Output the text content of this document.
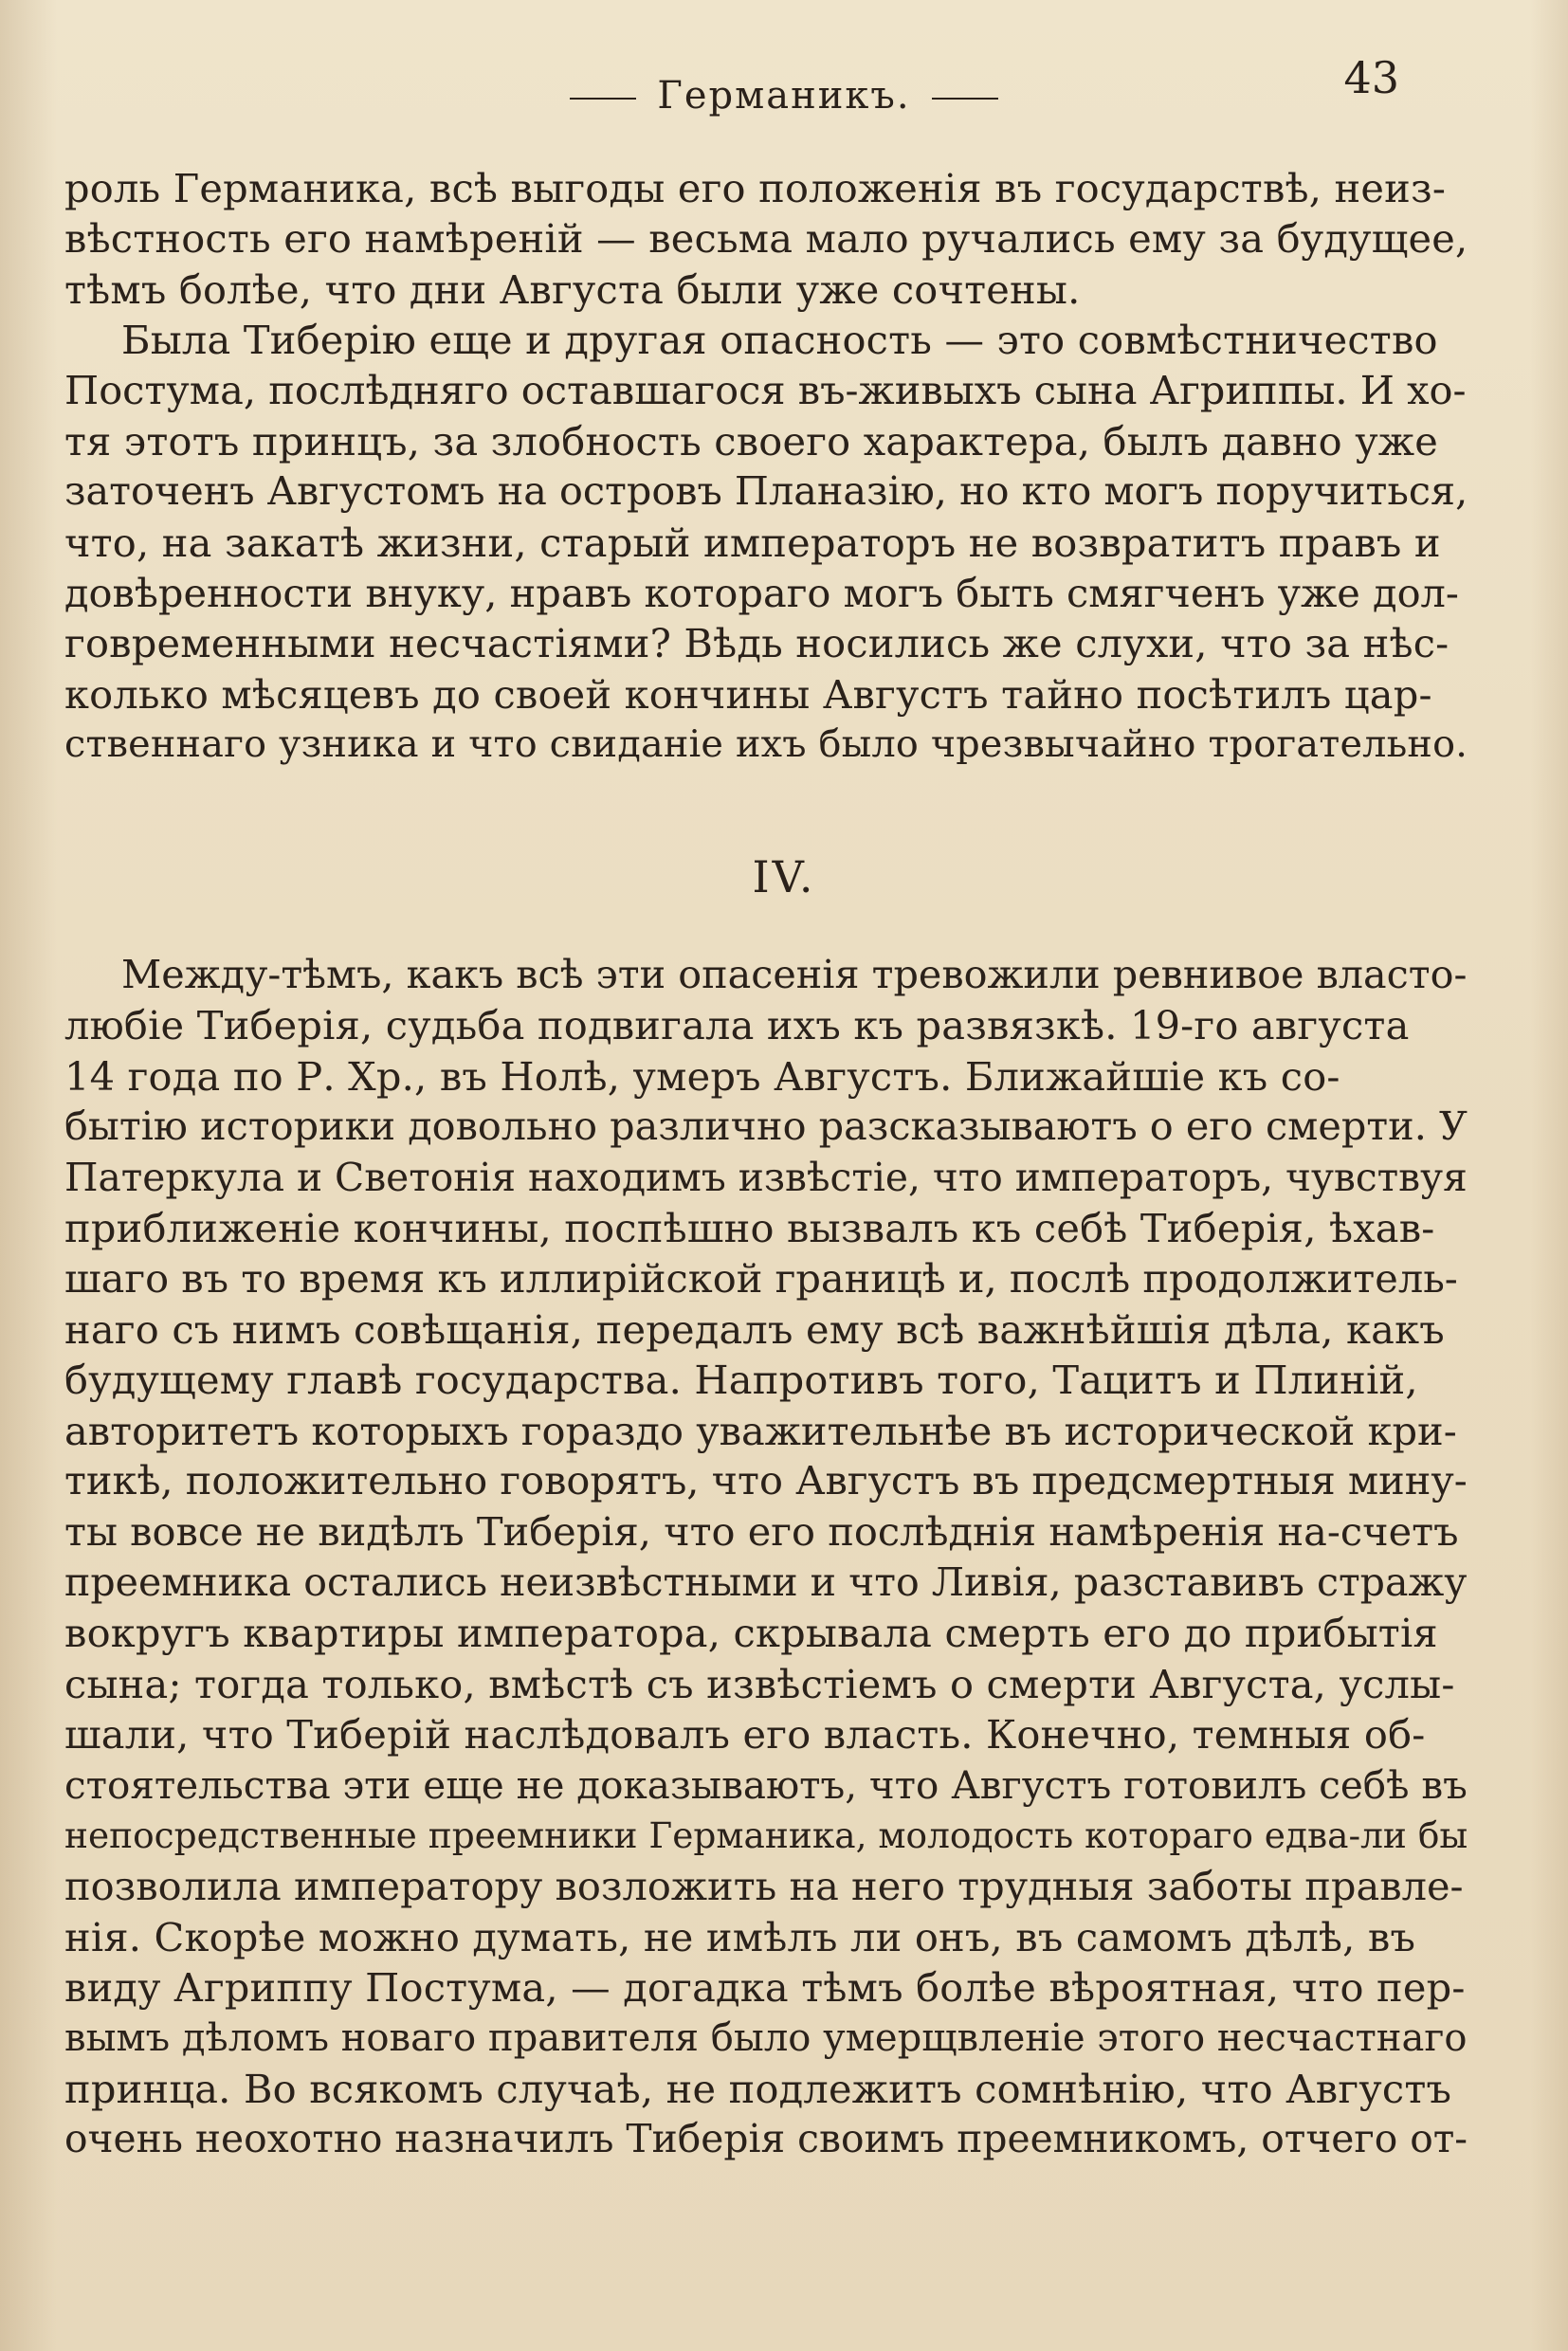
Германикъ.	43
роль Германика, всѣ выгоды его положенія въ государствѣ, неиз-
вѣстность его намѣреній — весьма мало ручались ему за будущее,
тѣмъ болѣе, что дни Августа были уже сочтены.
Была Тиберію еще и другая опасность — это совмѣстничество
Постума, послѣдняго оставшагося въ-живыхъ сына Агриппы. И хо-
тя этотъ принцъ, за злобность своего характера, былъ давно уже
заточенъ Августомъ на островъ Планазію, но кто могъ поручиться,
что, на закатѣ жизни, старый императоръ не возвратитъ правъ и
довѣренности внуку, нравъ котораго могъ быть смягченъ уже дол-
говременными несчастіями? Вѣдь носились же слухи, что за нѣс-
колько мѣсяцевъ до своей кончины Августъ тайно посѣтилъ цар-
ственнаго узника и что свиданіе ихъ было чрезвычайно трогательно.
IV.
Между-тѣмъ, какъ всѣ эти опасенія тревожили ревнивое власто-
любіе Тиберія, судьба подвигала ихъ къ развязкѣ. 19-го августа
14 года по Р. Хр., въ Нолѣ, умеръ Августъ. Ближайшіе къ со-
бытію историки довольно различно разсказываютъ о его смерти. У
Патеркула и Светонія находимъ извѣстіе, что императоръ, чувствуя
приближеніе кончины, поспѣшно вызвалъ къ себѣ Тиберія, ѣхав-
шаго въ то время къ иллирійской границѣ и, послѣ продолжитель-
наго съ нимъ совѣщанія, передалъ ему всѣ важнѣйшія дѣла, какъ
будущему главѣ государства. Напротивъ того, Тацитъ и Плиній,
авторитетъ которыхъ гораздо уважительнѣе въ исторической кри-
тикѣ, положительно говорятъ, что Августъ въ предсмертныя мину-
ты вовсе не видѣлъ Тиберія, что его послѣднія намѣренія на-счетъ
преемника остались неизвѣстными и что Ливія, разставивъ стражу
вокругъ квартиры императора, скрывала смерть его до прибытія
сына; тогда только, вмѣстѣ съ извѣстіемъ о смерти Августа, услы-
шали, что Тиберій наслѣдовалъ его власть. Конечно, темныя об-
стоятельства эти еще не доказываютъ, что Августъ готовилъ себѣ въ
непосредственные преемники Германика, молодость котораго едва-ли бы
позволила императору возложить на него трудныя заботы правле-
нія. Скорѣе можно думать, не имѣлъ ли онъ, въ самомъ дѣлѣ, въ
виду Агриппу Постума, — догадка тѣмъ болѣе вѣроятная, что пер-
вымъ дѣломъ новаго правителя было умерщвленіе этого несчастнаго
принца. Во всякомъ случаѣ, не подлежитъ сомнѣнію, что Августъ
очень неохотно назначилъ Тиберія своимъ преемникомъ, отчего от-
